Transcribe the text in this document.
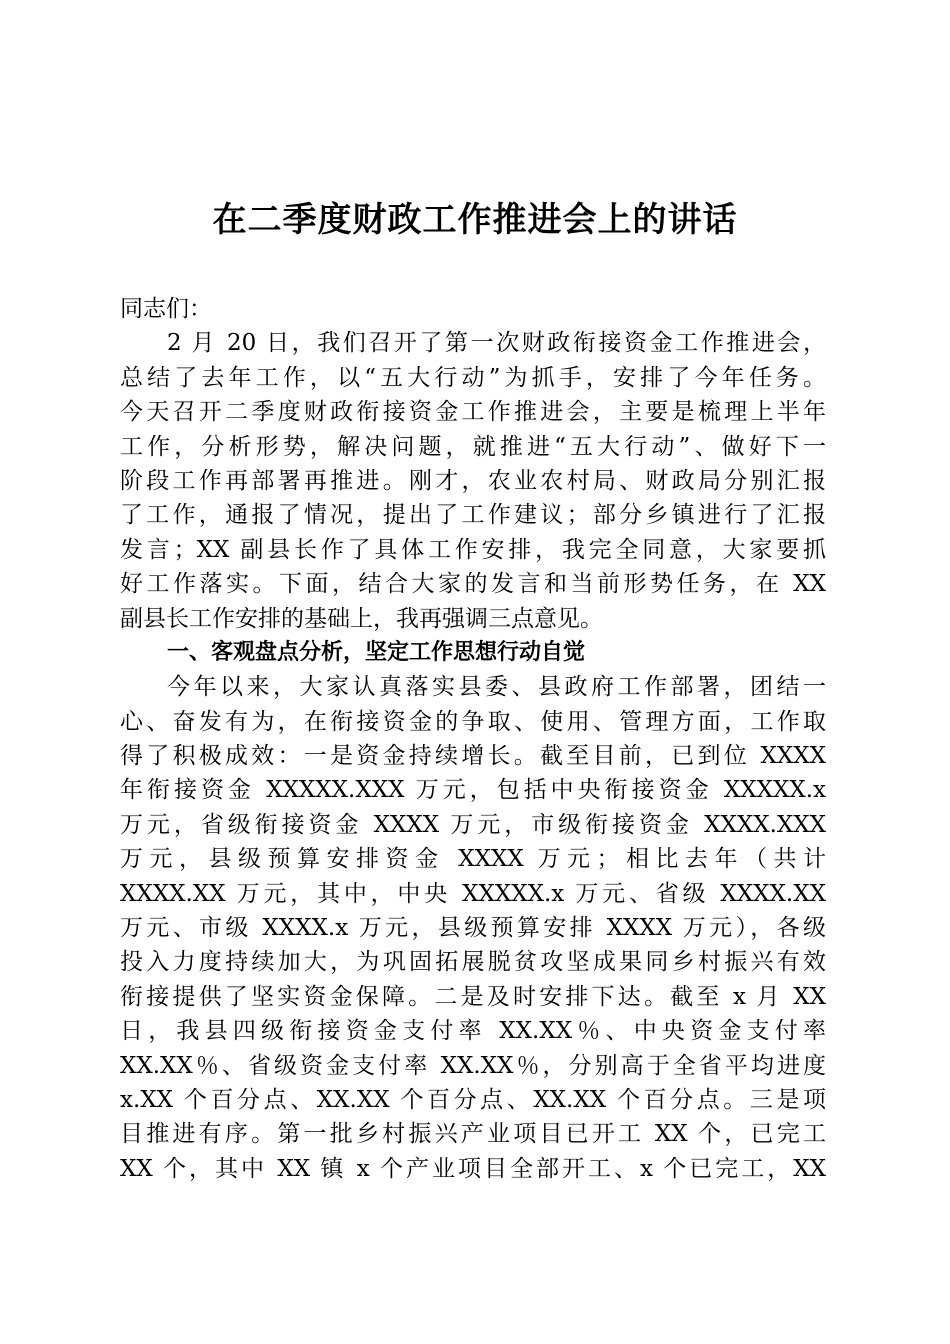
在二季度财政工作推进会上的讲话
同志们：
2 月 20 日，我们召开了第一次财政衔接资金工作推进会，
总结了去年工作，以“五大行动”为抓手，安排了今年任务。
今天召开二季度财政衔接资金工作推进会，主要是梳理上半年
工作，分析形势，解决问题，就推进“五大行动”、做好下一
阶段工作再部署再推进。刚才，农业农村局、财政局分别汇报
了工作，通报了情况，提出了工作建议；部分乡镇进行了汇报
发言；XX 副县长作了具体工作安排，我完全同意，大家要抓
好工作落实。下面，结合大家的发言和当前形势任务，在 XX
副县长工作安排的基础上，我再强调三点意见。
一、客观盘点分析，坚定工作思想行动自觉
今年以来，大家认真落实县委、县政府工作部署，团结一
心、奋发有为，在衔接资金的争取、使用、管理方面，工作取
得了积极成效：一是资金持续增长。截至目前，已到位 XXXX
年衔接资金 XXXXX.XXX 万元，包括中央衔接资金 XXXXX.x
万元，省级衔接资金 XXXX 万元，市级衔接资金 XXXX.XXX
万元，县级预算安排资金 XXXX 万元；相比去年（共计
XXXX.XX 万元，其中，中央 XXXXX.x 万元、省级 XXXX.XX
万元、市级 XXXX.x 万元，县级预算安排 XXXX 万元），各级
投入力度持续加大，为巩固拓展脱贫攻坚成果同乡村振兴有效
衔接提供了坚实资金保障。二是及时安排下达。截至 x 月 XX
日，我县四级衔接资金支付率 XX.XX％、中央资金支付率
XX.XX％、省级资金支付率 XX.XX％，分别高于全省平均进度
x.XX 个百分点、XX.XX 个百分点、XX.XX 个百分点。三是项
目推进有序。第一批乡村振兴产业项目已开工 XX 个，已完工
XX 个，其中 XX 镇 x 个产业项目全部开工、x 个已完工，XX
